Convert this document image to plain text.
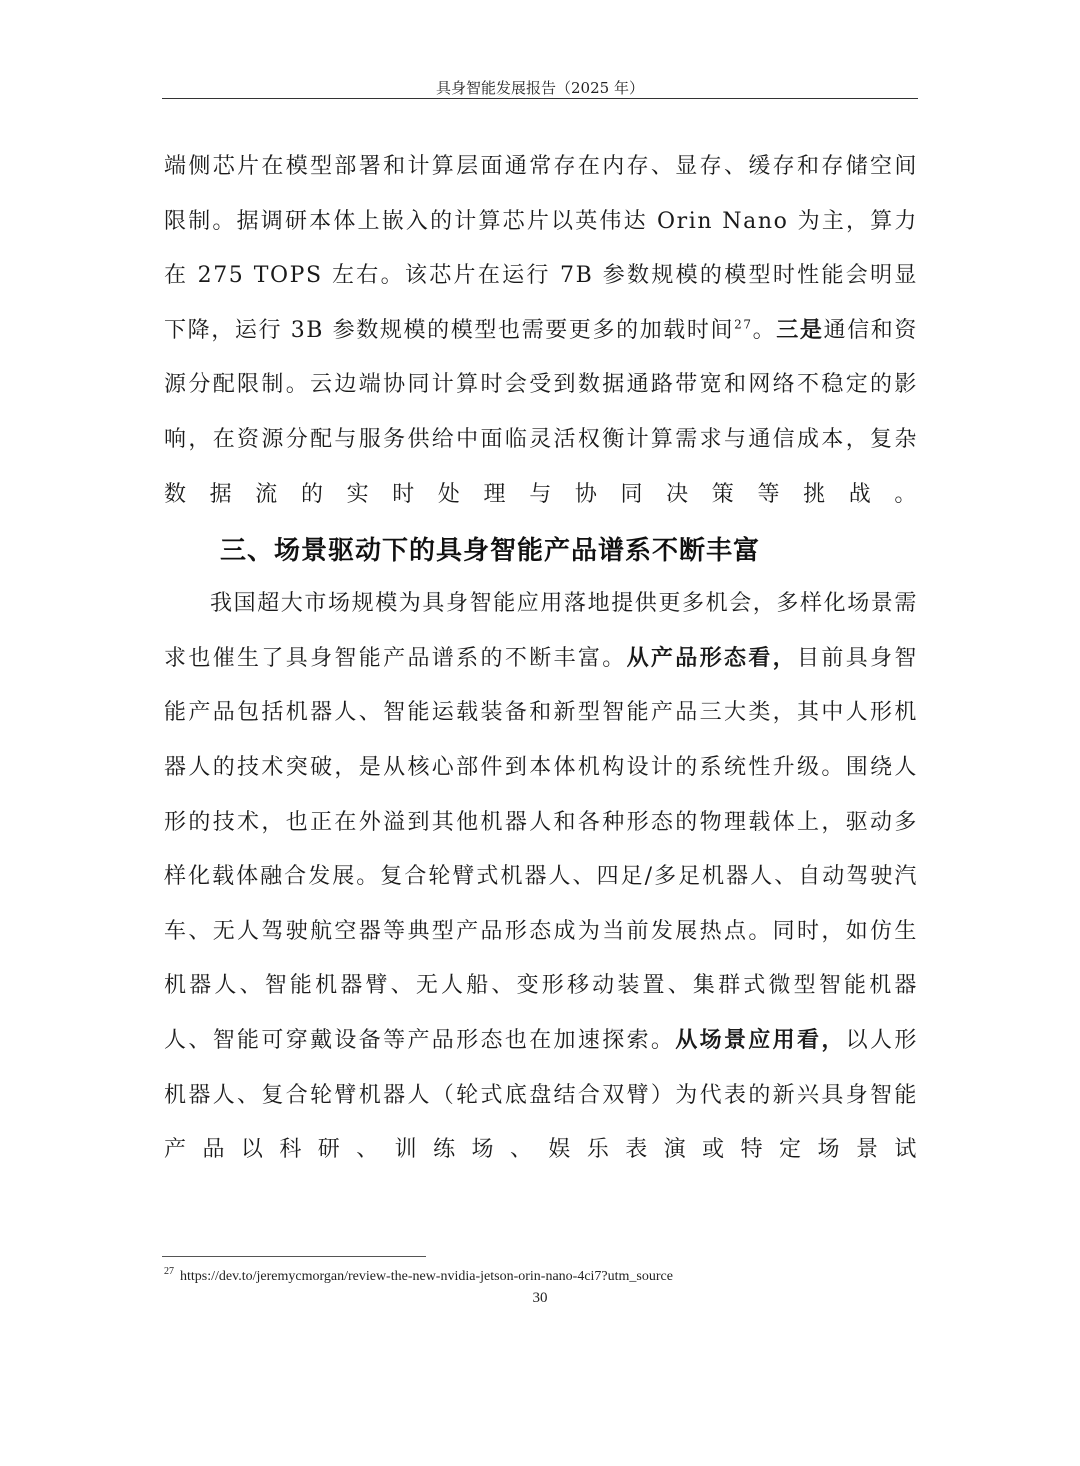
具身智能发展报告（2025 年）

端侧芯片在模型部署和计算层面通常存在内存、显存、缓存和存储空间限制。据调研本体上嵌入的计算芯片以英伟达 Orin Nano 为主，算力在 275 TOPS 左右。该芯片在运行 7B 参数规模的模型时性能会明显下降，运行 3B 参数规模的模型也需要更多的加载时间$^{27}$。三是通信和资源分配限制。云边端协同计算时会受到数据通路带宽和网络不稳定的影响，在资源分配与服务供给中面临灵活权衡计算需求与通信成本，复杂数据流的实时处理与协同决策等挑战。

三、场景驱动下的具身智能产品谱系不断丰富

我国超大市场规模为具身智能应用落地提供更多机会，多样化场景需求也催生了具身智能产品谱系的不断丰富。从产品形态看，目前具身智能产品包括机器人、智能运载装备和新型智能产品三大类，其中人形机器人的技术突破，是从核心部件到本体机构设计的系统性升级。围绕人形的技术，也正在外溢到其他机器人和各种形态的物理载体上，驱动多样化载体融合发展。复合轮臂式机器人、四足/多足机器人、自动驾驶汽车、无人驾驶航空器等典型产品形态成为当前发展热点。同时，如仿生机器人、智能机器臂、无人船、变形移动装置、集群式微型智能机器人、智能可穿戴设备等产品形态也在加速探索。从场景应用看，以人形机器人、复合轮臂机器人（轮式底盘结合双臂）为代表的新兴具身智能产品以科研、训练场、娱乐表演或特定场景试

$^{27}$ https://dev.to/jeremycmorgan/review-the-new-nvidia-jetson-orin-nano-4ci7?utm_source
30
